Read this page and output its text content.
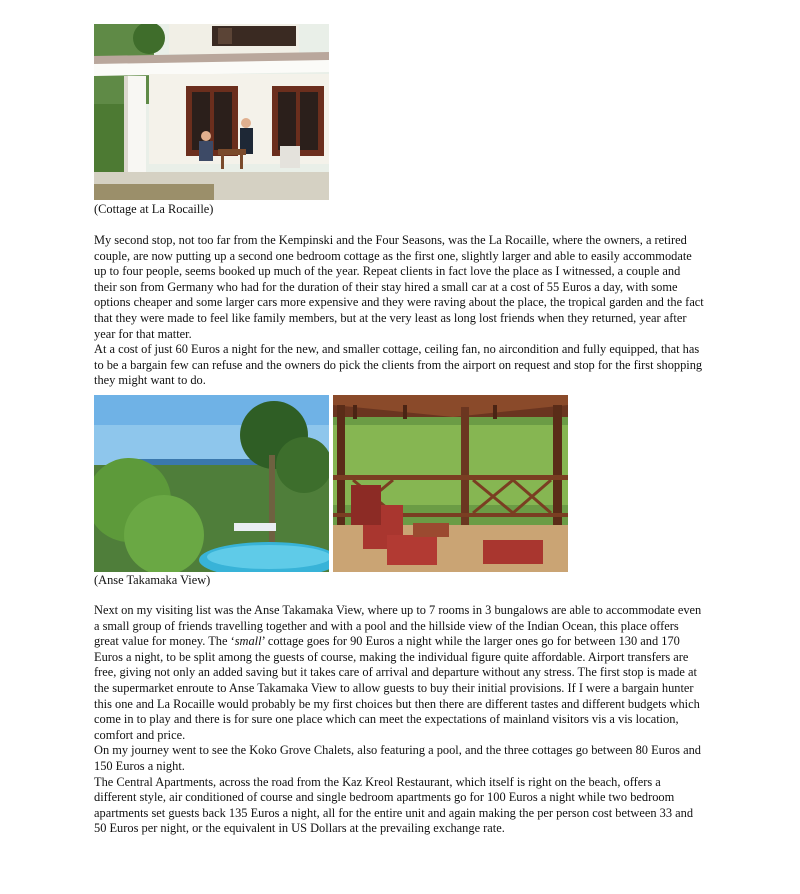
(Cottage at La Rocaille)

My second stop, not too far from the Kempinski and the Four Seasons, was the La Rocaille, where the owners, a retired couple, are now putting up a second one bedroom cottage as the first one, slightly larger and able to easily accommodate up to four people, seems booked up much of the year. Repeat clients in fact love the place as I witnessed, a couple and their son from Germany who had for the duration of their stay hired a small car at a cost of 55 Euros a day, with some options cheaper and some larger cars more expensive and they were raving about the place, the tropical garden and the fact that they were made to feel like family members, but at the very least as long lost friends when they returned, year after year for that matter.

At a cost of just 60 Euros a night for the new, and smaller cottage, ceiling fan, no aircondition and fully equipped, that has to be a bargain few can refuse and the owners do pick the clients from the airport on request and stop for the first shopping they might want to do.

(Anse Takamaka View)

Next on my visiting list was the Anse Takamaka View, where up to 7 rooms in 3 bungalows are able to accommodate even a small group of friends travelling together and with a pool and the hillside view of the Indian Ocean, this place offers great value for money. The ‘small’ cottage goes for 90 Euros a night while the larger ones go for between 130 and 170 Euros a night, to be split among the guests of course, making the individual figure quite affordable. Airport transfers are free, giving not only an added saving but it takes care of arrival and departure without any stress. The first stop is made at the supermarket enroute to Anse Takamaka View to allow guests to buy their initial provisions. If I were a bargain hunter this one and La Rocaille would probably be my first choices but then there are different tastes and different budgets which come in to play and there is for sure one place which can meet the expectations of mainland visitors vis a vis location, comfort and price.

On my journey went to see the Koko Grove Chalets, also featuring a pool, and the three cottages go between 80 Euros and 150 Euros a night.

The Central Apartments, across the road from the Kaz Kreol Restaurant, which itself is right on the beach, offers a different style, air conditioned of course and single bedroom apartments go for 100 Euros a night while two bedroom apartments set guests back 135 Euros a night, all for the entire unit and again making the per person cost between 33 and 50 Euros per night, or the equivalent in US Dollars at the prevailing exchange rate.
